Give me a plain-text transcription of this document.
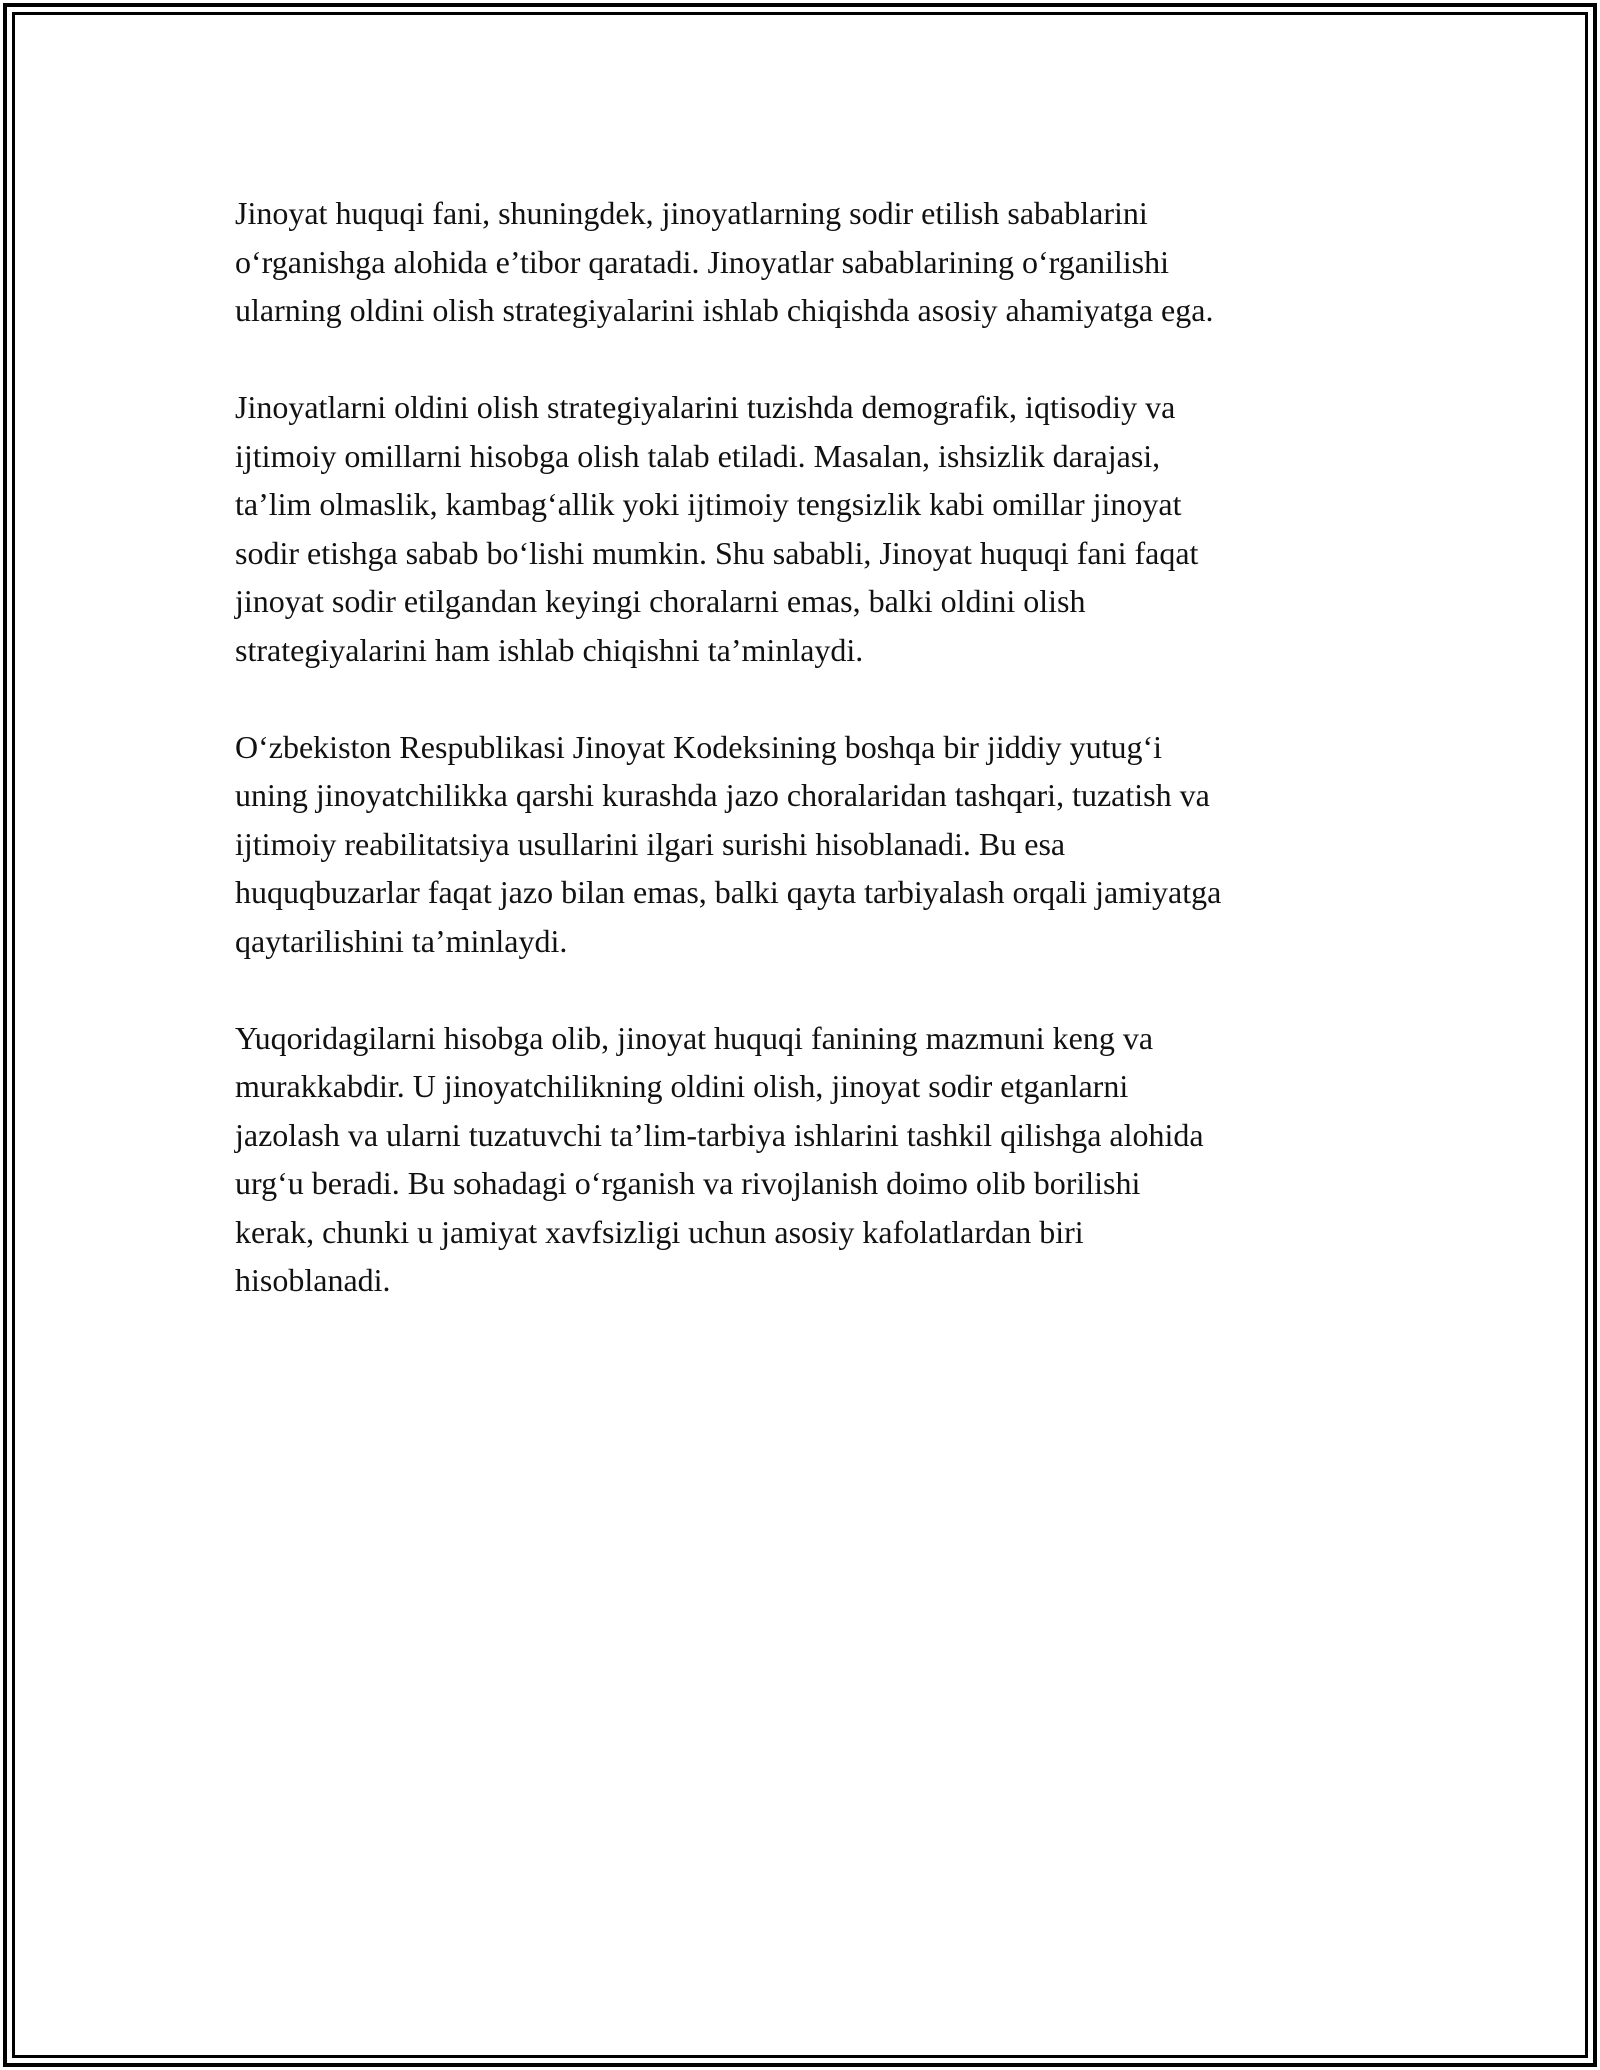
Jinoyat huquqi fani, shuningdek, jinoyatlarning sodir etilish sabablarini
o‘rganishga alohida e’tibor qaratadi. Jinoyatlar sabablarining o‘rganilishi
ularning oldini olish strategiyalarini ishlab chiqishda asosiy ahamiyatga ega.

Jinoyatlarni oldini olish strategiyalarini tuzishda demografik, iqtisodiy va
ijtimoiy omillarni hisobga olish talab etiladi. Masalan, ishsizlik darajasi,
ta’lim olmaslik, kambag‘allik yoki ijtimoiy tengsizlik kabi omillar jinoyat
sodir etishga sabab bo‘lishi mumkin. Shu sababli, Jinoyat huquqi fani faqat
jinoyat sodir etilgandan keyingi choralarni emas, balki oldini olish
strategiyalarini ham ishlab chiqishni ta’minlaydi.

O‘zbekiston Respublikasi Jinoyat Kodeksining boshqa bir jiddiy yutug‘i
uning jinoyatchilikka qarshi kurashda jazo choralaridan tashqari, tuzatish va
ijtimoiy reabilitatsiya usullarini ilgari surishi hisoblanadi. Bu esa
huquqbuzarlar faqat jazo bilan emas, balki qayta tarbiyalash orqali jamiyatga
qaytarilishini ta’minlaydi.

Yuqoridagilarni hisobga olib, jinoyat huquqi fanining mazmuni keng va
murakkabdir. U jinoyatchilikning oldini olish, jinoyat sodir etganlarni
jazolash va ularni tuzatuvchi ta’lim-tarbiya ishlarini tashkil qilishga alohida
urg‘u beradi. Bu sohadagi o‘rganish va rivojlanish doimo olib borilishi
kerak, chunki u jamiyat xavfsizligi uchun asosiy kafolatlardan biri
hisoblanadi.
